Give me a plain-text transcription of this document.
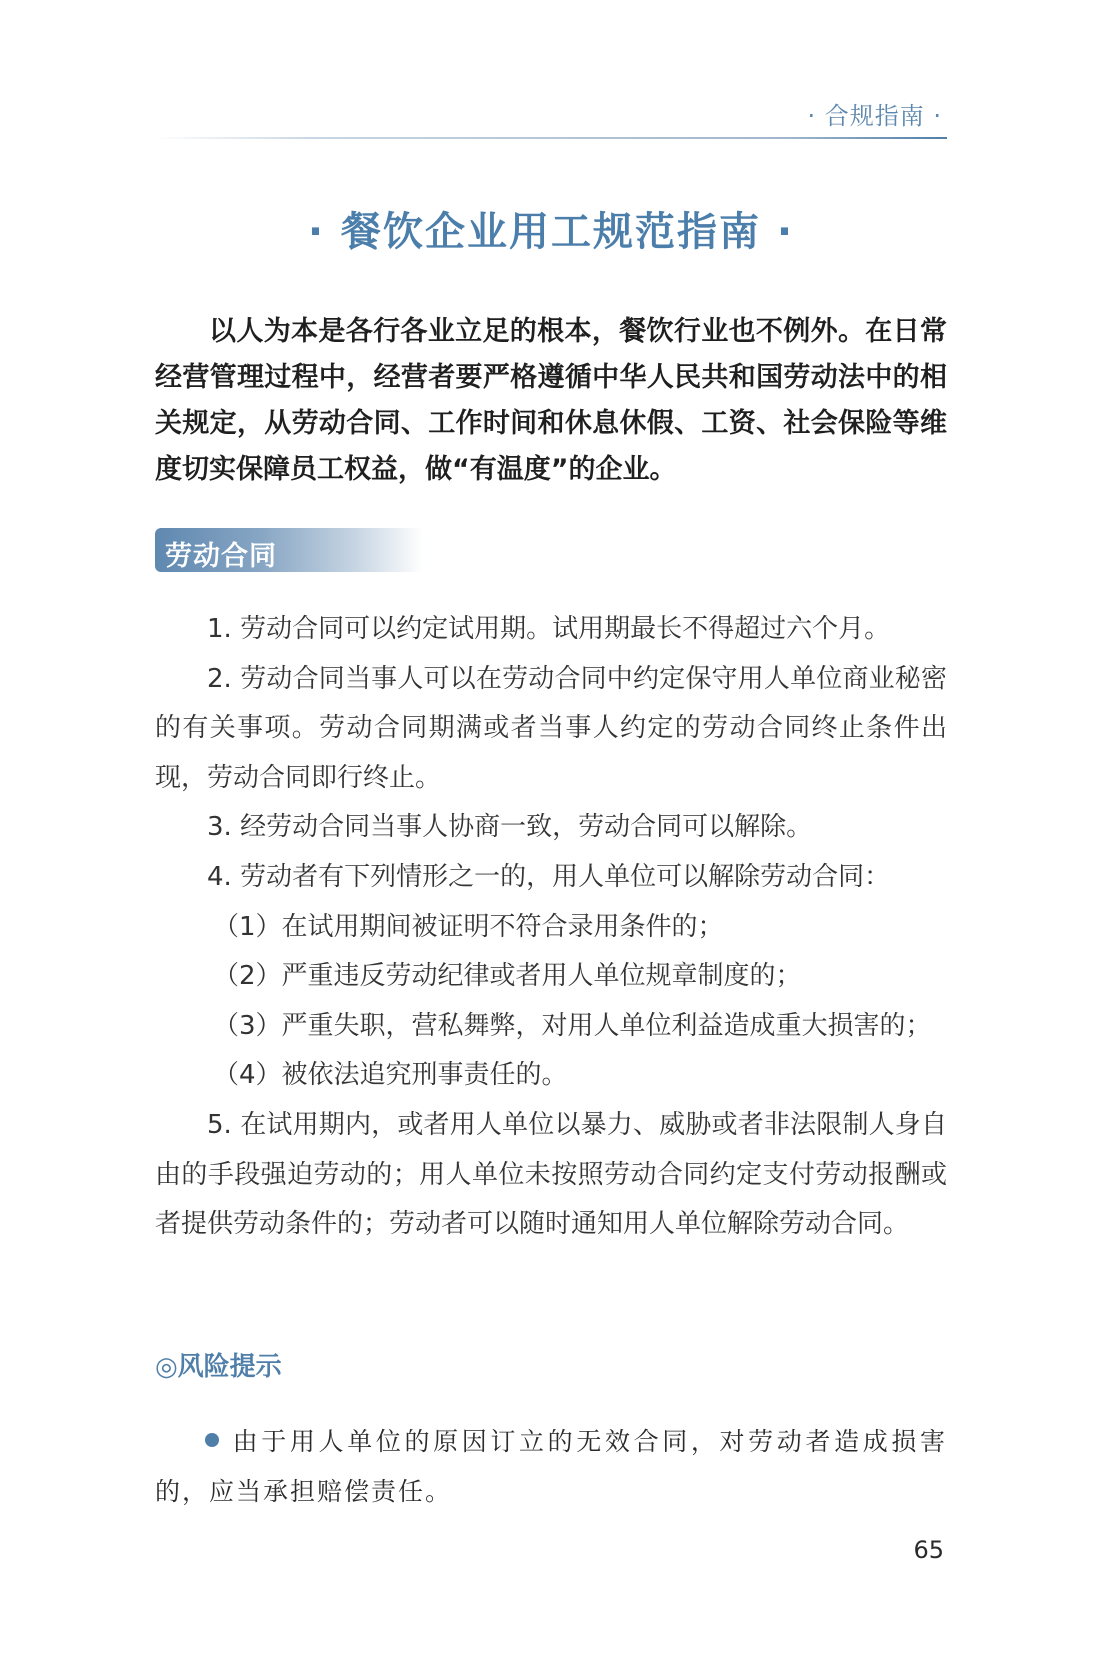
· 合规指南 ·
· 餐饮企业用工规范指南 ·

以人为本是各行各业立足的根本，餐饮行业也不例外。在日常经营管理过程中，经营者要严格遵循中华人民共和国劳动法中的相关规定，从劳动合同、工作时间和休息休假、工资、社会保险等维度切实保障员工权益，做“有温度”的企业。

劳动合同

1. 劳动合同可以约定试用期。试用期最长不得超过六个月。

2. 劳动合同当事人可以在劳动合同中约定保守用人单位商业秘密的有关事项。劳动合同期满或者当事人约定的劳动合同终止条件出现，劳动合同即行终止。

3. 经劳动合同当事人协商一致，劳动合同可以解除。

4. 劳动者有下列情形之一的，用人单位可以解除劳动合同：

（1）在试用期间被证明不符合录用条件的；

（2）严重违反劳动纪律或者用人单位规章制度的；

（3）严重失职，营私舞弊，对用人单位利益造成重大损害的；

（4）被依法追究刑事责任的。

5. 在试用期内，或者用人单位以暴力、威胁或者非法限制人身自由的手段强迫劳动的；用人单位未按照劳动合同约定支付劳动报酬或者提供劳动条件的；劳动者可以随时通知用人单位解除劳动合同。

◎风险提示

由于用人单位的原因订立的无效合同，对劳动者造成损害的，应当承担赔偿责任。

65
